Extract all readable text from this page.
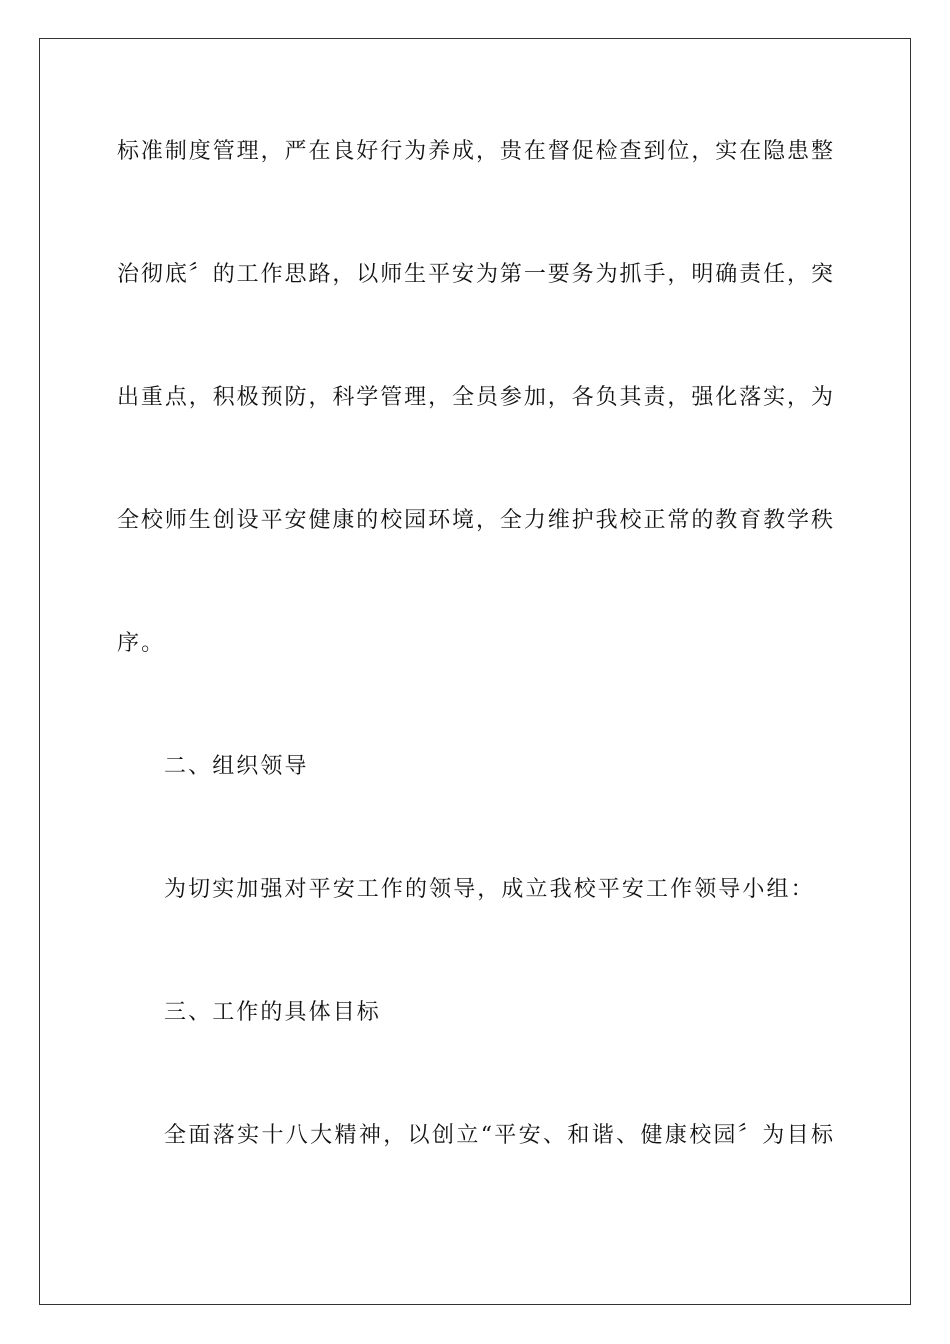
标准制度管理，严在良好行为养成，贵在督促检查到位，实在隐患整
治彻底〞的工作思路，以师生平安为第一要务为抓手，明确责任，突
出重点，积极预防，科学管理，全员参加，各负其责，强化落实，为
全校师生创设平安健康的校园环境，全力维护我校正常的教育教学秩
序。
二、组织领导
为切实加强对平安工作的领导，成立我校平安工作领导小组：
三、工作的具体目标
全面落实十八大精神，以创立“平安、和谐、健康校园〞为目标
